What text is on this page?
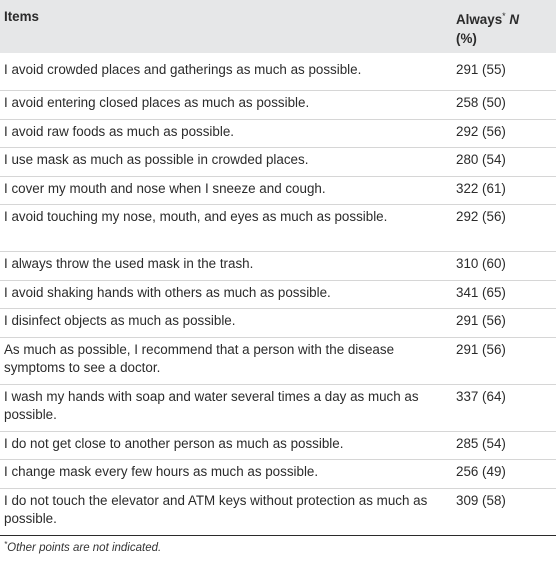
Items	Always* N
(%)
I avoid crowded places and gatherings as much as possible.	291 (55)
I avoid entering closed places as much as possible.	258 (50)
I avoid raw foods as much as possible.	292 (56)
I use mask as much as possible in crowded places.	280 (54)
I cover my mouth and nose when I sneeze and cough.	322 (61)
I avoid touching my nose, mouth, and eyes as much as possible.	292 (56)
I always throw the used mask in the trash.	310 (60)
I avoid shaking hands with others as much as possible.	341 (65)
I disinfect objects as much as possible.	291 (56)
As much as possible, I recommend that a person with the disease symptoms to see a doctor.	291 (56)
I wash my hands with soap and water several times a day as much as possible.	337 (64)
I do not get close to another person as much as possible.	285 (54)
I change mask every few hours as much as possible.	256 (49)
I do not touch the elevator and ATM keys without protection as much as possible.	309 (58)
*Other points are not indicated.
